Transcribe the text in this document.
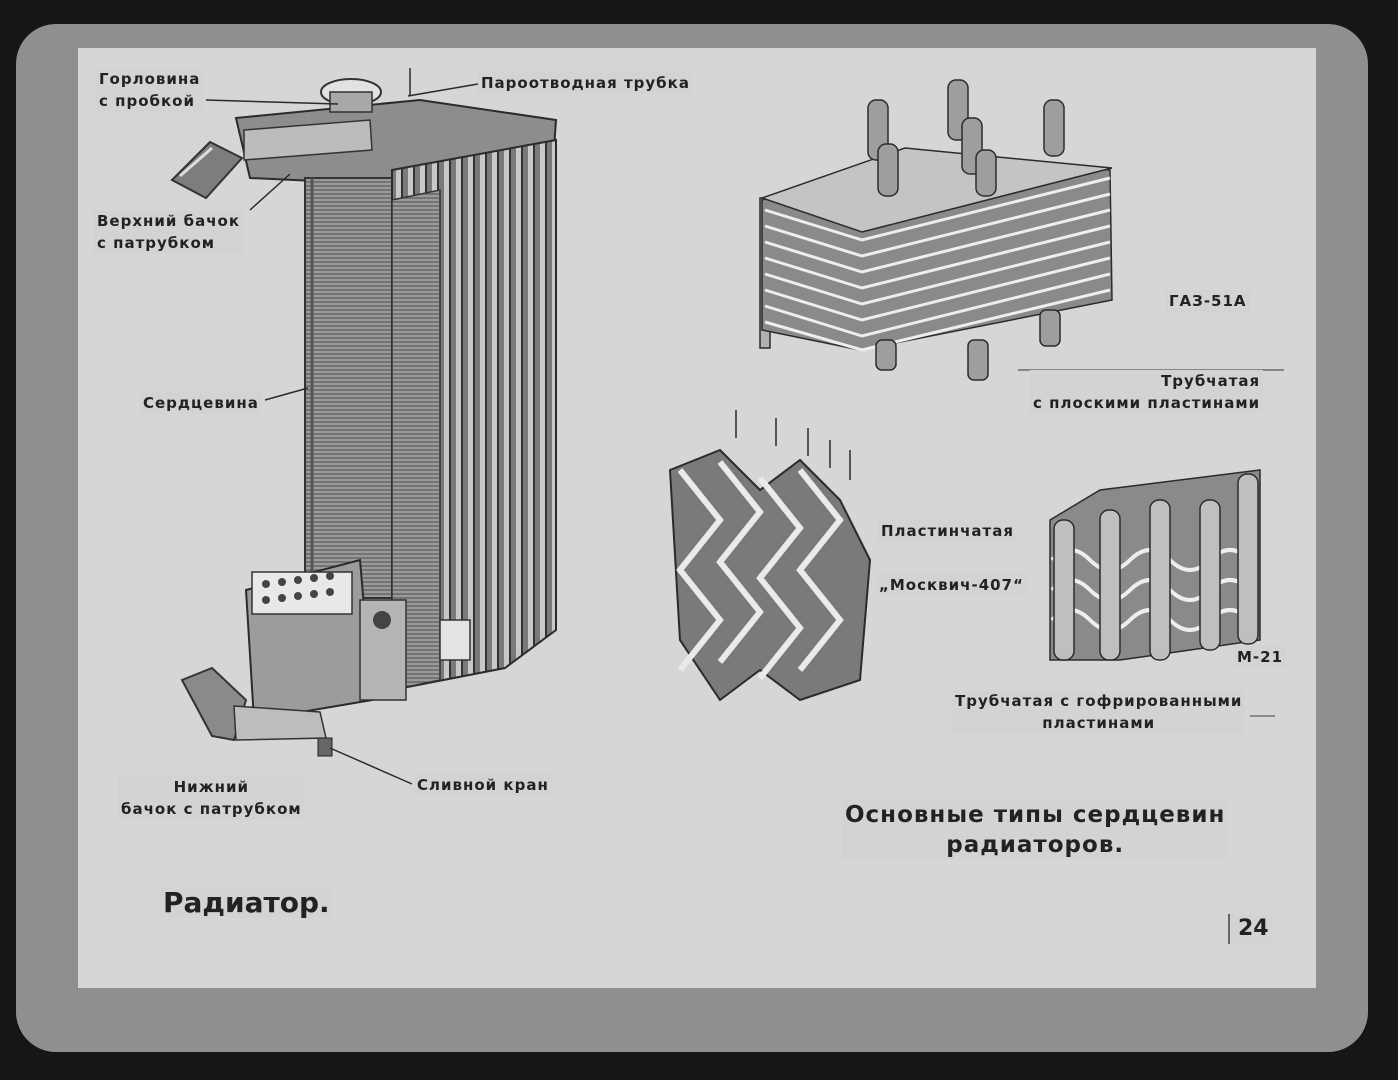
Горловина
с пробкой
Пароотводная трубка
Верхний бачок
с патрубком
Сердцевина
Нижний
бачок с патрубком
Сливной кран
ГАЗ-51А
Трубчатая
с плоскими пластинами
Пластинчатая
„Москвич-407“
М-21
Трубчатая с гофрированными
пластинами
Основные типы сердцевин
радиаторов.
Радиатор.
24
